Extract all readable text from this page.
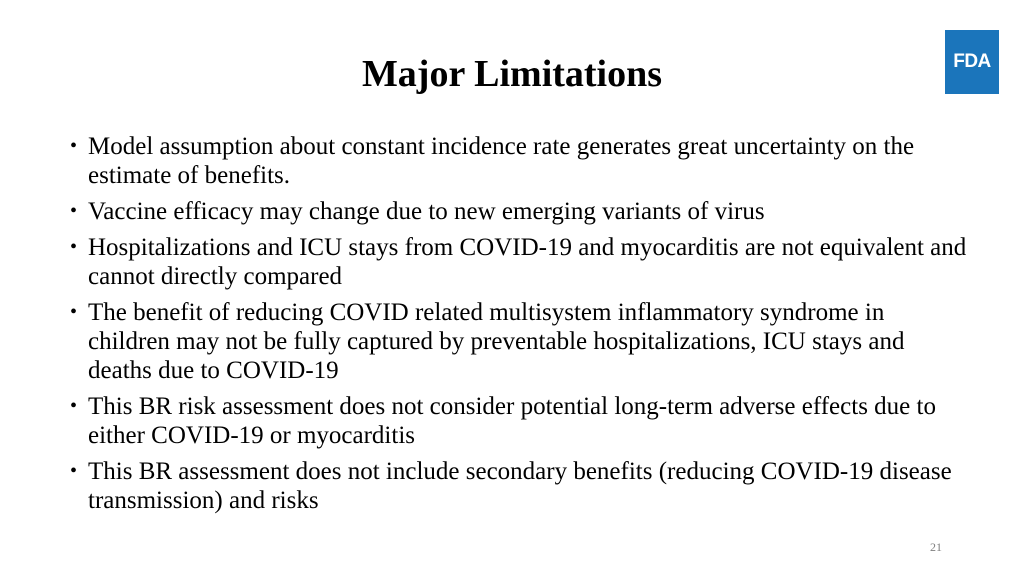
Major Limitations	FDA
• Model assumption about constant incidence rate generates great uncertainty on the estimate of benefits.
• Vaccine efficacy may change due to new emerging variants of virus
• Hospitalizations and ICU stays from COVID-19 and myocarditis are not equivalent and cannot directly compared
• The benefit of reducing COVID related multisystem inflammatory syndrome in children may not be fully captured by preventable hospitalizations, ICU stays and deaths due to COVID-19
• This BR risk assessment does not consider potential long-term adverse effects due to either COVID-19 or myocarditis
• This BR assessment does not include secondary benefits (reducing COVID-19 disease transmission) and risks
21
